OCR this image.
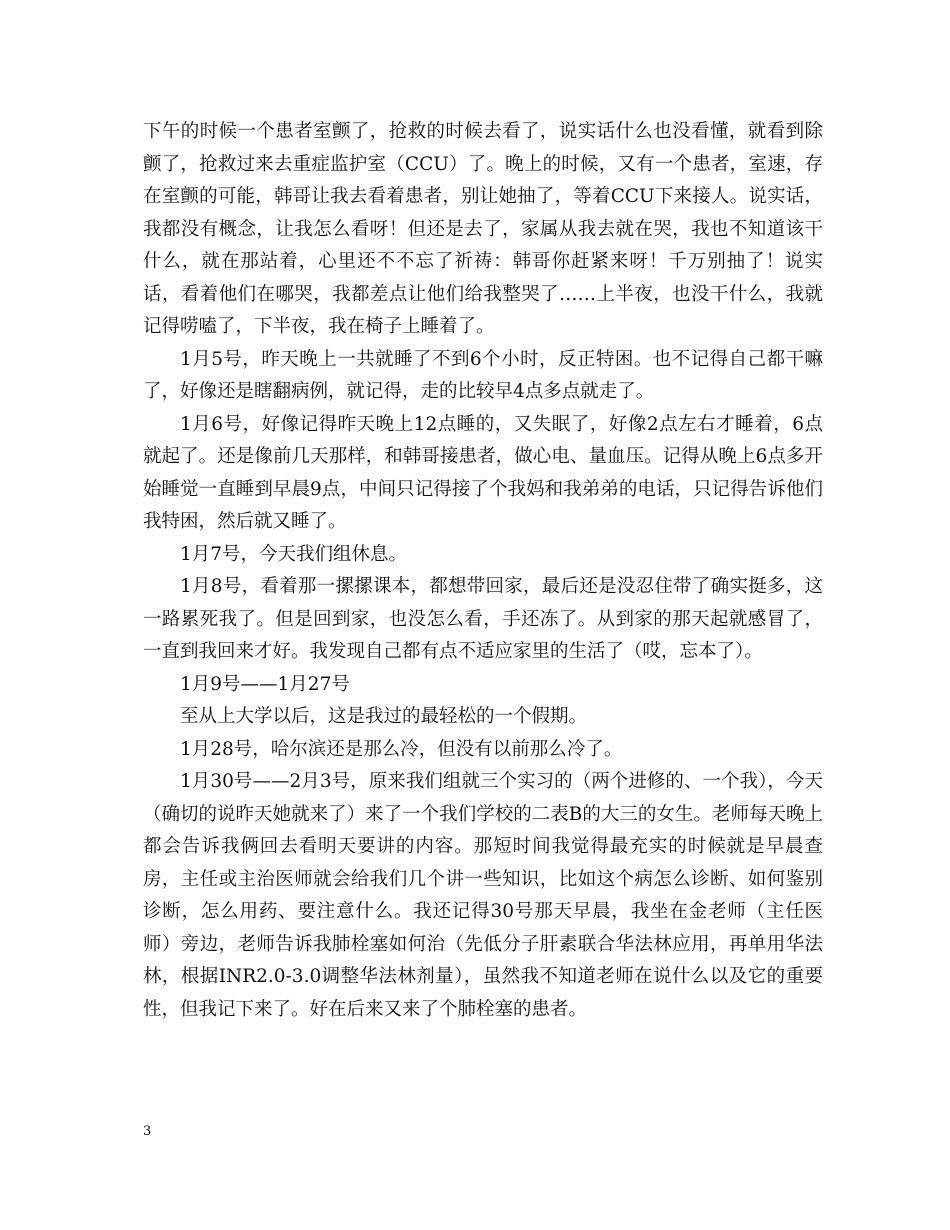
下午的时候一个患者室颤了，抢救的时候去看了，说实话什么也没看懂，就看到除颤了，抢救过来去重症监护室（CCU）了。晚上的时候，又有一个患者，室速，存在室颤的可能，韩哥让我去看着患者，别让她抽了，等着CCU下来接人。说实话，我都没有概念，让我怎么看呀！但还是去了，家属从我去就在哭，我也不知道该干什么，就在那站着，心里还不不忘了祈祷：韩哥你赶紧来呀！千万别抽了！说实话，看着他们在哪哭，我都差点让他们给我整哭了……上半夜，也没干什么，我就记得唠嗑了，下半夜，我在椅子上睡着了。

1月5号，昨天晚上一共就睡了不到6个小时，反正特困。也不记得自己都干嘛了，好像还是瞎翻病例，就记得，走的比较早4点多点就走了。

1月6号，好像记得昨天晚上12点睡的，又失眠了，好像2点左右才睡着，6点就起了。还是像前几天那样，和韩哥接患者，做心电、量血压。记得从晚上6点多开始睡觉一直睡到早晨9点，中间只记得接了个我妈和我弟弟的电话，只记得告诉他们我特困，然后就又睡了。

1月7号，今天我们组休息。

1月8号，看着那一摞摞课本，都想带回家，最后还是没忍住带了确实挺多，这一路累死我了。但是回到家，也没怎么看，手还冻了。从到家的那天起就感冒了，一直到我回来才好。我发现自己都有点不适应家里的生活了（哎，忘本了）。

1月9号——1月27号

至从上大学以后，这是我过的最轻松的一个假期。

1月28号，哈尔滨还是那么冷，但没有以前那么冷了。

1月30号——2月3号，原来我们组就三个实习的（两个进修的、一个我），今天（确切的说昨天她就来了）来了一个我们学校的二表B的大三的女生。老师每天晚上都会告诉我俩回去看明天要讲的内容。那短时间我觉得最充实的时候就是早晨查房，主任或主治医师就会给我们几个讲一些知识，比如这个病怎么诊断、如何鉴别诊断，怎么用药、要注意什么。我还记得30号那天早晨，我坐在金老师（主任医师）旁边，老师告诉我肺栓塞如何治（先低分子肝素联合华法林应用，再单用华法林，根据INR2.0-3.0调整华法林剂量），虽然我不知道老师在说什么以及它的重要性，但我记下来了。好在后来又来了个肺栓塞的患者。

3
